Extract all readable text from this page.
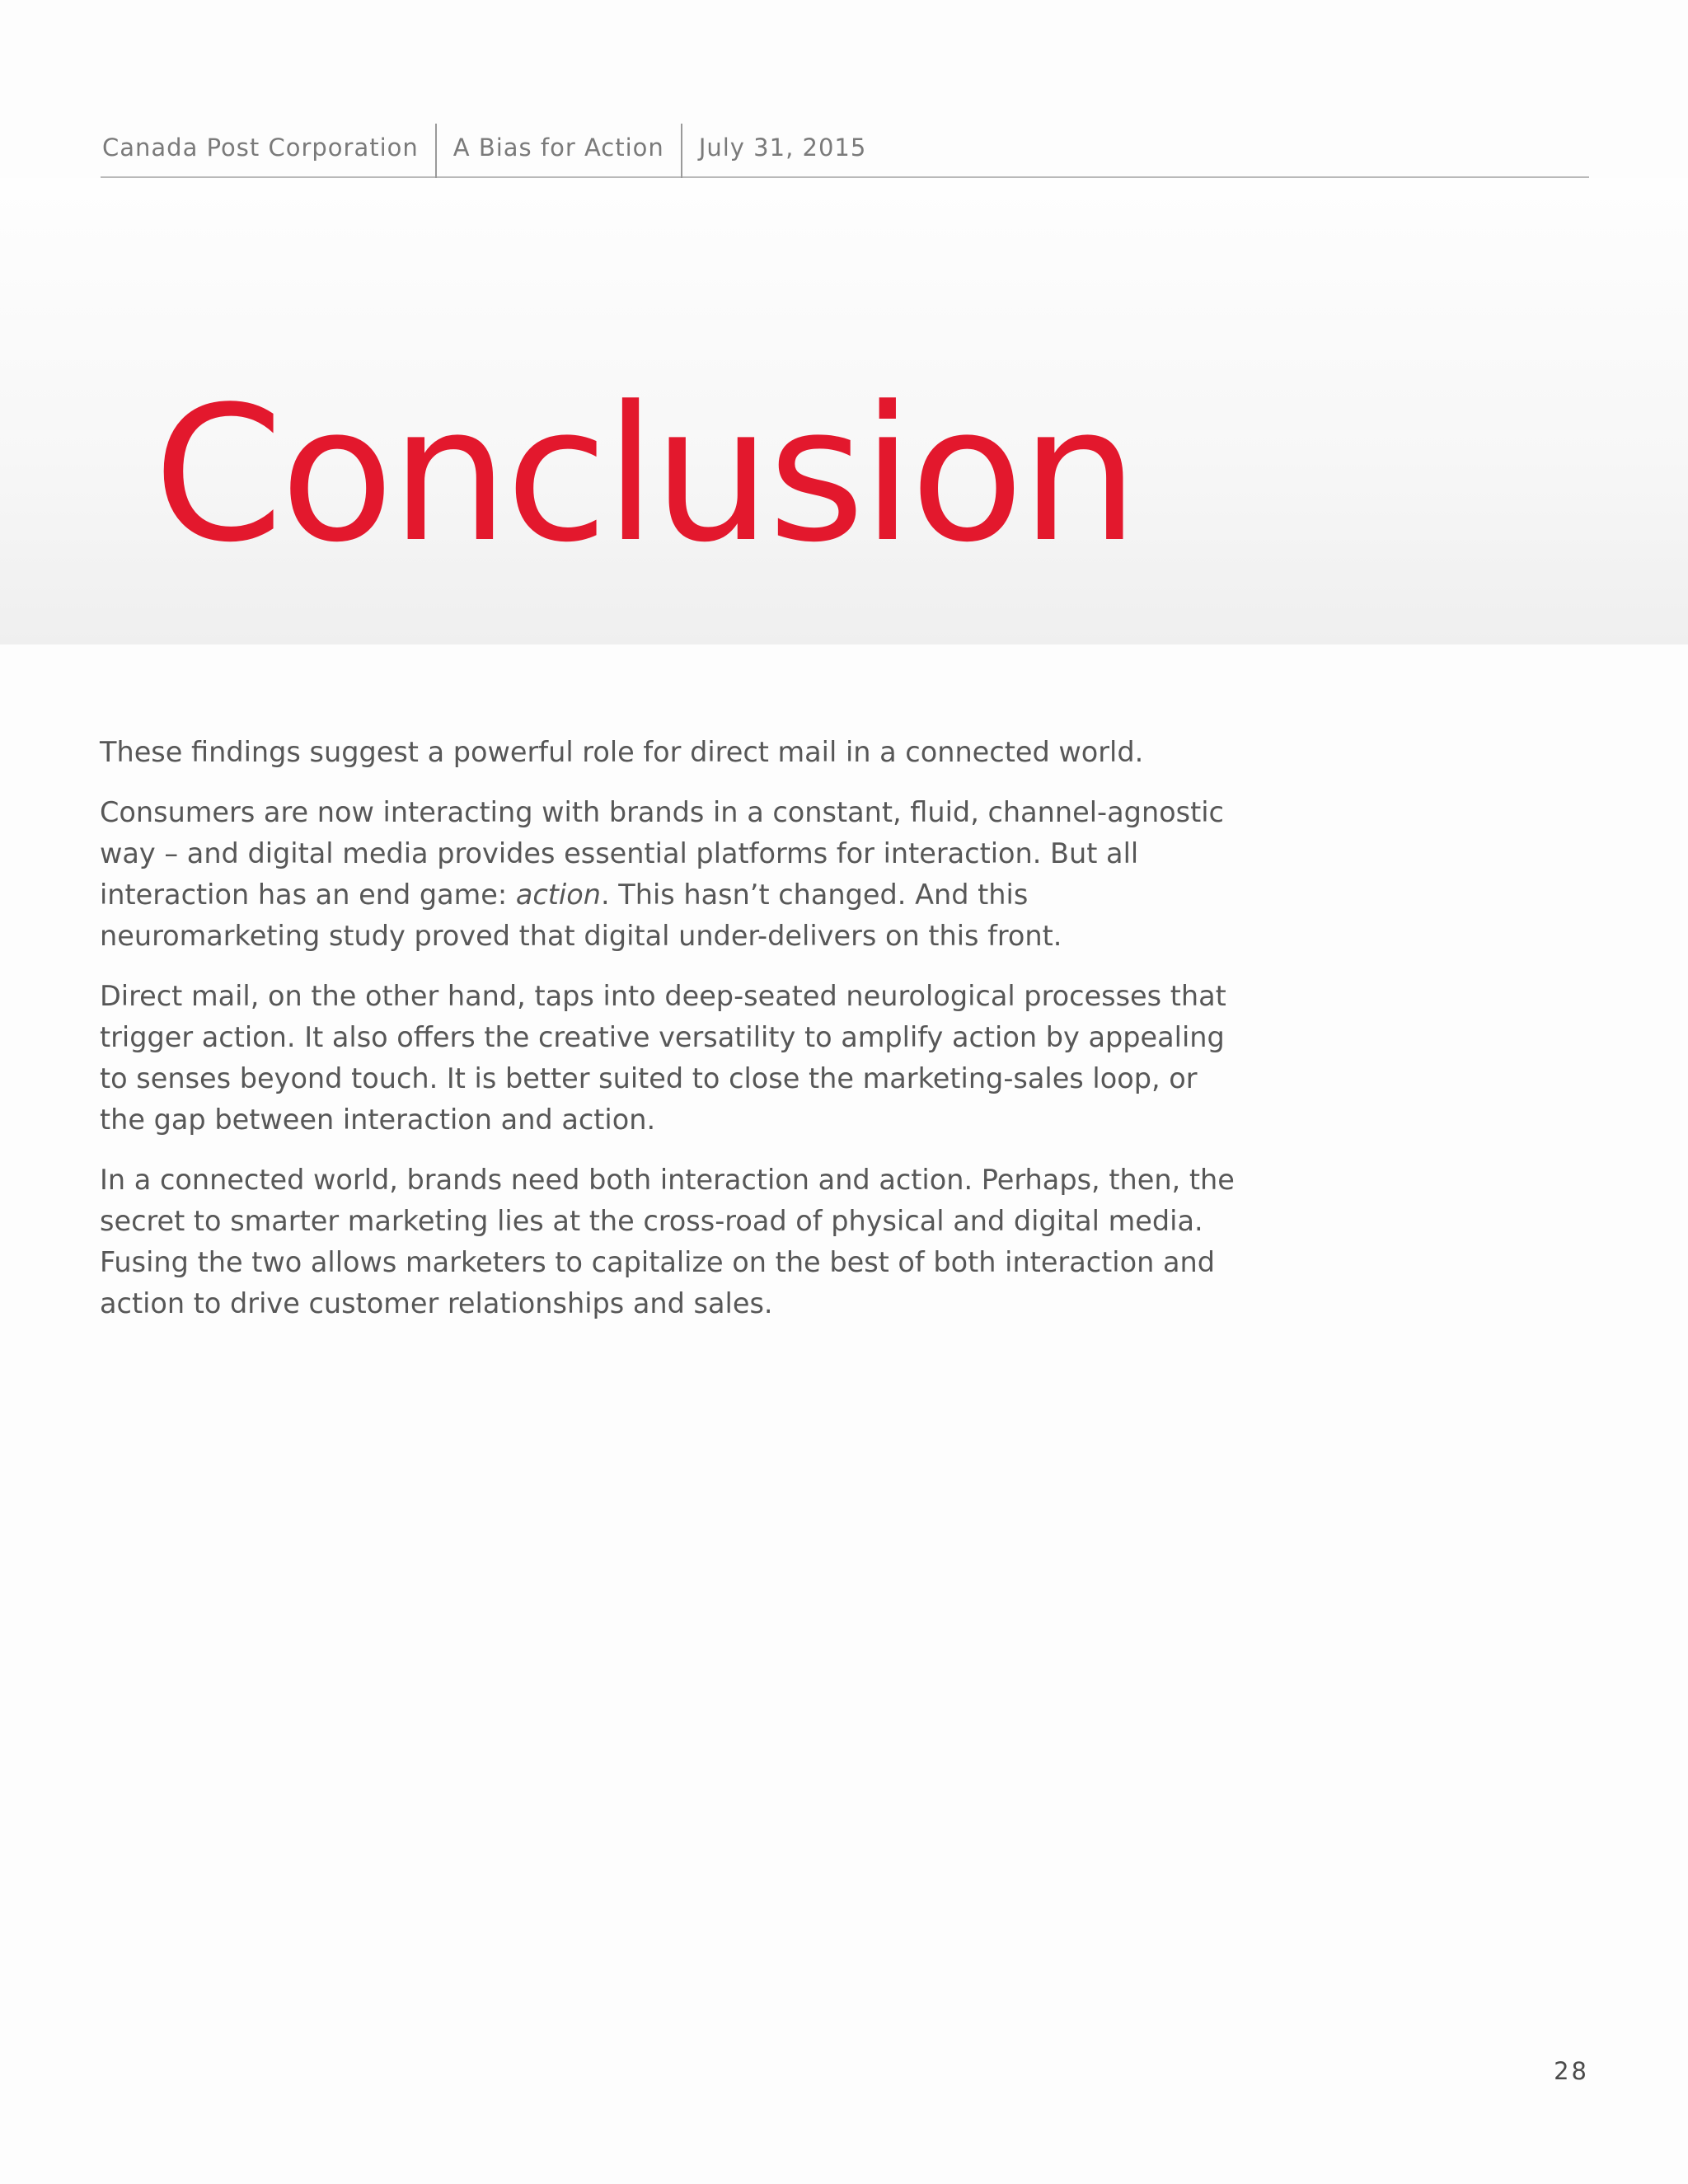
Canada Post Corporation	A Bias for Action	July 31, 2015
Conclusion

These findings suggest a powerful role for direct mail in a connected world.

Consumers are now interacting with brands in a constant, fluid, channel-agnostic way – and digital media provides essential platforms for interaction. But all interaction has an end game: action. This hasn’t changed. And this neuromarketing study proved that digital under-delivers on this front.

Direct mail, on the other hand, taps into deep-seated neurological processes that trigger action. It also offers the creative versatility to amplify action by appealing to senses beyond touch. It is better suited to close the marketing-sales loop, or the gap between interaction and action.

In a connected world, brands need both interaction and action. Perhaps, then, the secret to smarter marketing lies at the cross-road of physical and digital media. Fusing the two allows marketers to capitalize on the best of both interaction and action to drive customer relationships and sales.

28
